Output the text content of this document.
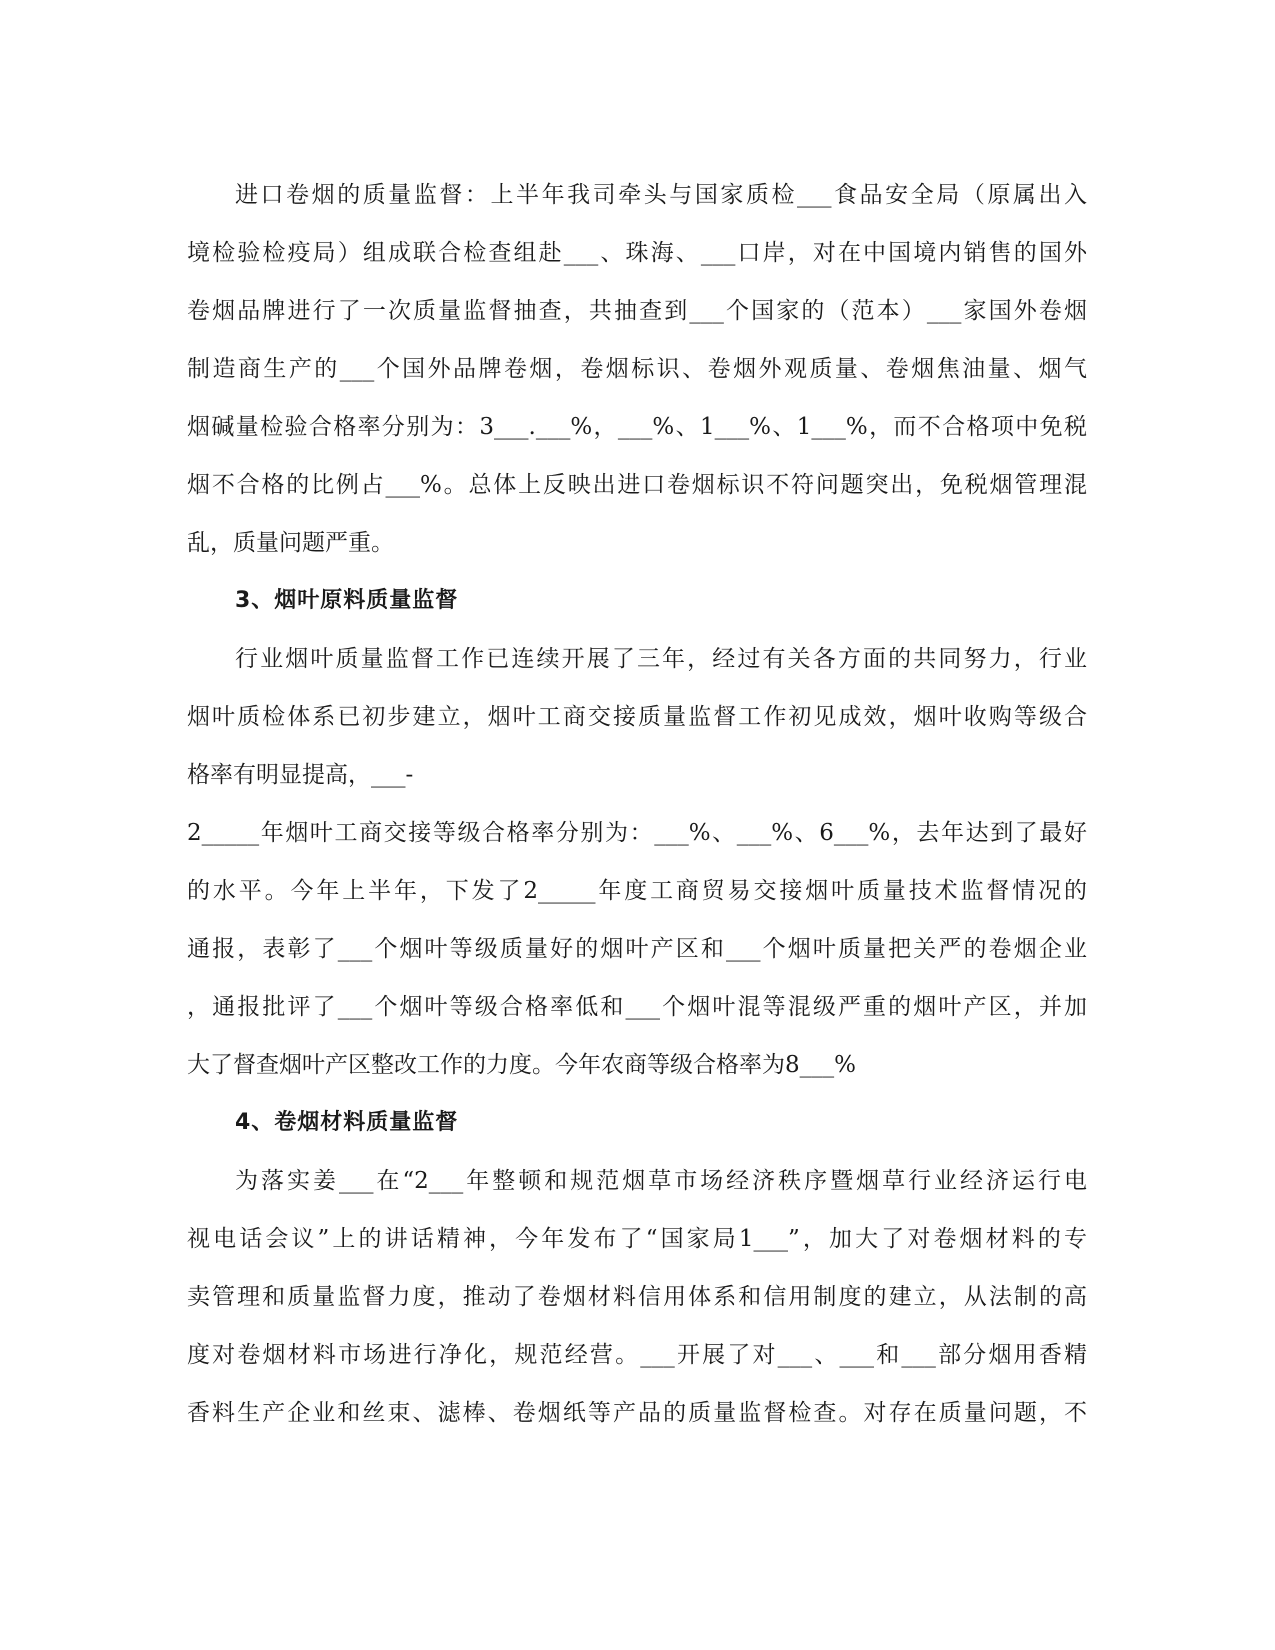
进口卷烟的质量监督：上半年我司牵头与国家质检___食品安全局（原属出入
境检验检疫局）组成联合检查组赴___、珠海、___口岸，对在中国境内销售的国外
卷烟品牌进行了一次质量监督抽查，共抽查到___个国家的（范本）___家国外卷烟
制造商生产的___个国外品牌卷烟，卷烟标识、卷烟外观质量、卷烟焦油量、烟气
烟碱量检验合格率分别为：3___.___%，___%、1___%、1___%，而不合格项中免税
烟不合格的比例占___%。总体上反映出进口卷烟标识不符问题突出，免税烟管理混
乱，质量问题严重。
3、烟叶原料质量监督
行业烟叶质量监督工作已连续开展了三年，经过有关各方面的共同努力，行业
烟叶质检体系已初步建立，烟叶工商交接质量监督工作初见成效，烟叶收购等级合
格率有明显提高，___-
2_____年烟叶工商交接等级合格率分别为：___%、___%、6___%，去年达到了最好
的水平。今年上半年，下发了2_____年度工商贸易交接烟叶质量技术监督情况的
通报，表彰了___个烟叶等级质量好的烟叶产区和___个烟叶质量把关严的卷烟企业
，通报批评了___个烟叶等级合格率低和___个烟叶混等混级严重的烟叶产区，并加
大了督查烟叶产区整改工作的力度。今年农商等级合格率为8___%
4、卷烟材料质量监督
为落实姜___在“2___年整顿和规范烟草市场经济秩序暨烟草行业经济运行电
视电话会议”上的讲话精神，今年发布了“国家局1___”，加大了对卷烟材料的专
卖管理和质量监督力度，推动了卷烟材料信用体系和信用制度的建立，从法制的高
度对卷烟材料市场进行净化，规范经营。___开展了对___、___和___部分烟用香精
香料生产企业和丝束、滤棒、卷烟纸等产品的质量监督检查。对存在质量问题，不
